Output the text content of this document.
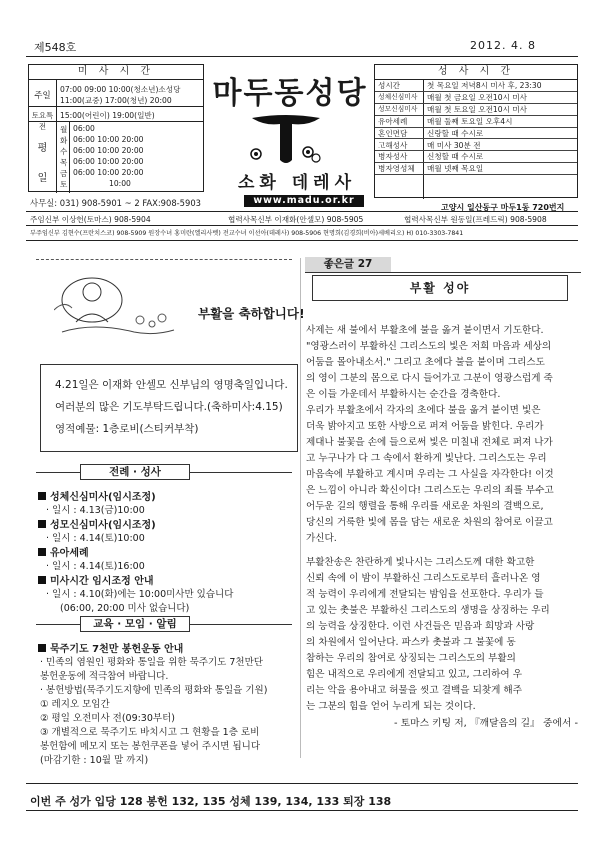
제548호	2012. 4. 8
미 사 시 간
주일
07:00 09:00 10:00(청소년)소성당
11:00(교중) 17:00(청년) 20:00
토요특전
15:00(어린이) 19:00(일반)
평
일
월 06:00
화 06:00 10:00 20:00
수 06:00 10:00 20:00
목 06:00 10:00 20:00
금 06:00 10:00 20:00
토	10:00
마두동성당
소화 데레사
www.madu.or.kr
성 사 시 간
성시간	첫 목요일 저녁8시 미사 후, 23:30
성체신심미사 매월 첫 금요일 오전10시 미사
성모신심미사 매월 첫 토요일 오전10시 미사
유아세례	매월 둘째 토요일 오후4시
혼인면담	신랑할 때 수시로
고해성사	매 미사 30분 전
병자성사	신청할 때 수시로
병자영성체 매월 넷째 목요일
사무실: 031) 908-5901 ~ 2 FAX:908-5903	고양시 일산동구 마두1동 720번지
주임신부 이상헌(토마스) 908-5904	협력사목신부 이재화(안셀모) 908-5905	협력사목신부 원동일(프레드릭) 908-5908
부주임신부 김현수(프란치스코) 908-5909 원장수녀 홍미란(엘리사벳) 전교수녀 이선아(데레사) 908-5906 현명희(김경희(비아)세베리오) H) 010-3303-7841
부활을 축하합니다!
4.21일은 이재화 안셀모 신부님의 영명축일입니다.
여러분의 많은 기도부탁드립니다.(축하미사:4.15)
영적예물: 1층로비(스티커부착)
전례 · 성사
성체신심미사(임시조정)
· 일시 : 4.13(금)10:00
성모신심미사(임시조정)
· 일시 : 4.14(토)10:00
유아세례
· 일시 : 4.14(토)16:00
미사시간 임시조정 안내
· 일시 : 4.10(화)에는 10:00미사만 있습니다
(06:00, 20:00 미사 없습니다)
교육 · 모임 · 알림
묵주기도 7천만 봉헌운동 안내
· 민족의 염원인 평화와 통일을 위한 묵주기도 7천만단
봉헌운동에 적극참여 바랍니다.
· 봉헌방법(묵주기도지향에 민족의 평화와 통일을 기원)
① 레지오 모임간
② 평일 오전미사 전(09:30부터)
③ 개별적으로 묵주기도 바치시고 그 현황을 1층 로비
봉헌함에 메모지 또는 봉헌쿠폰을 넣어 주시면 됩니다
(마감기한 : 10월 말 까지)
좋은글 27
부활 성야
사제는 새 불에서 부활초에 불을 옮겨 붙이면서 기도한다.
"영광스러이 부활하신 그리스도의 빛은 저희 마음과 세상의
어둠을 몰아내소서." 그리고 초에다 불을 붙이며 그리스도
의 영이 그분의 몸으로 다시 들어가고 그분이 영광스럽게 죽
은 이들 가운데서 부활하시는 순간을 경축한다.
우리가 부활초에서 각자의 초에다 불을 옮겨 붙이면 빛은
더욱 밝아지고 또한 사방으로 퍼져 어둠을 밝힌다. 우리가
제대나 불꽃을 손에 들으로써 빛은 미칠내 전체로 퍼져 나가
고 누구나가 다 그 속에서 환하게 빛난다. 그리스도는 우리
마음속에 부활하고 계시며 우리는 그 사실을 자각한다! 이것
은 느낌이 아니라 확신이다! 그리스도는 우리의 죄를 부수고
어두운 길의 행렬을 통해 우리를 새로운 차원의 결백으로,
당신의 거룩한 빛에 몸을 담는 새로운 차원의 참여로 이끌고
가신다.
부활찬송은 찬란하게 빛나시는 그리스도께 대한 확고한
신뢰 속에 이 밤이 부활하신 그리스도로부터 흘러나온 영
적 능력이 우리에게 전달되는 밤임을 선포한다. 우리가 들
고 있는 촛불은 부활하신 그리스도의 생명을 상징하는 우리
의 능력을 상징한다. 이런 사건들은 믿음과 희망과 사랑
의 차원에서 일어난다. 파스카 촛불과 그 불꽃에 동
참하는 우리의 참여로 상징되는 그리스도의 부활의
힘은 내적으로 우리에게 전달되고 있고, 그리하여 우
리는 악을 용아내고 허물을 씻고 결백을 되찾게 해주
는 그분의 힘을 얻어 누리게 되는 것이다.
- 토마스 키팅 저, 『깨달음의 길』 중에서 -
이번 주 성가 입당 128 봉헌 132, 135 성체 139, 134, 133 퇴장 138
